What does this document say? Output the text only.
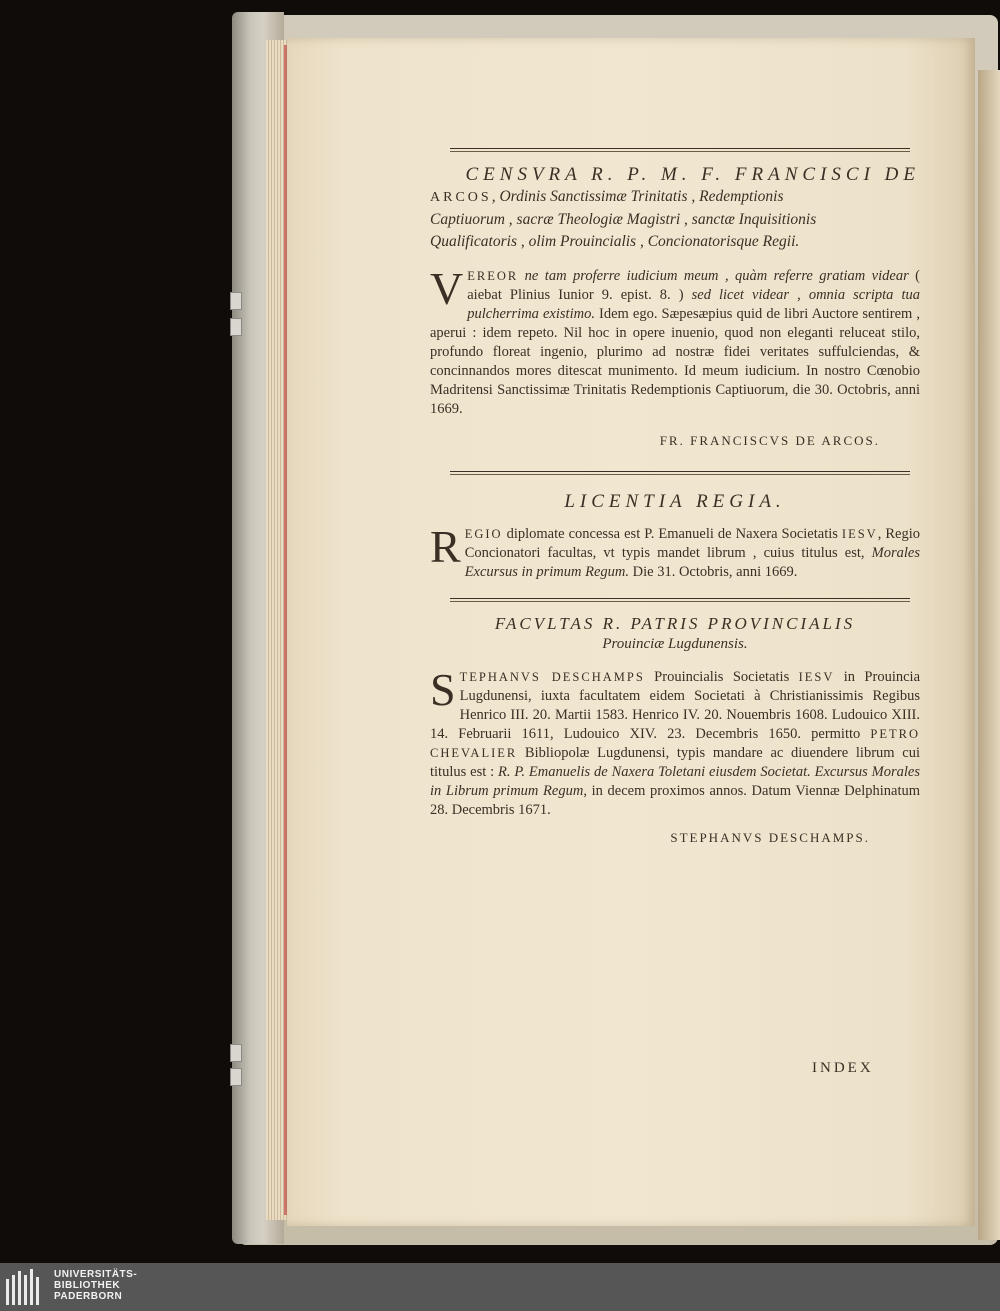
CENSVRA R. P. M. F. FRANCISCI DE
ARCOS, Ordinis Sanctissimæ Trinitatis , Redemptionis
Captiuorum , sacræ Theologiæ Magistri , sanctæ Inquisitionis
Qualificatoris , olim Prouincialis , Concionatorisque Regii.

VEREOR ne tam proferre iudicium meum , quàm referre gratiam videar ( aiebat Plinius Iunior 9. epist. 8. ) sed licet videar , omnia scripta tua pulcherrima existimo. Idem ego. Sæpesæpius quid de libri Auctore sentirem , aperui : idem repeto. Nil hoc in opere inuenio, quod non eleganti reluceat stilo, profundo floreat ingenio, plurimo ad nostræ fidei veritates suffulciendas, & concinnandos mores ditescat munimento. Id meum iudicium. In nostro Cœnobio Madritensi Sanctissimæ Trinitatis Redemptionis Captiuorum, die 30. Octobris, anni 1669.

FR. FRANCISCVS DE ARCOS.
LICENTIA REGIA.

REGIO diplomate concessa est P. Emanueli de Naxera Societatis IESV, Regio Concionatori facultas, vt typis mandet librum , cuius titulus est, Morales Excursus in primum Regum. Die 31. Octobris, anni 1669.

FACVLTAS R. PATRIS PROVINCIALIS
Prouinciæ Lugdunensis.

STEPHANVS DESCHAMPS Prouincialis Societatis IESV in Prouincia Lugdunensi, iuxta facultatem eidem Societati à Christianissimis Regibus Henrico III. 20. Martii 1583. Henrico IV. 20. Nouembris 1608. Ludouico XIII. 14. Februarii 1611, Ludouico XIV. 23. Decembris 1650. permitto PETRO CHEVALIER Bibliopolæ Lugdunensi, typis mandare ac diuendere librum cui titulus est : R. P. Emanuelis de Naxera Toletani eiusdem Societat. Excursus Morales in Librum primum Regum, in decem proximos annos. Datum Viennæ Delphinatum 28. Decembris 1671.

STEPHANVS DESCHAMPS.
INDEX
UNIVERSITÄTS-
BIBLIOTHEK
PADERBORN
